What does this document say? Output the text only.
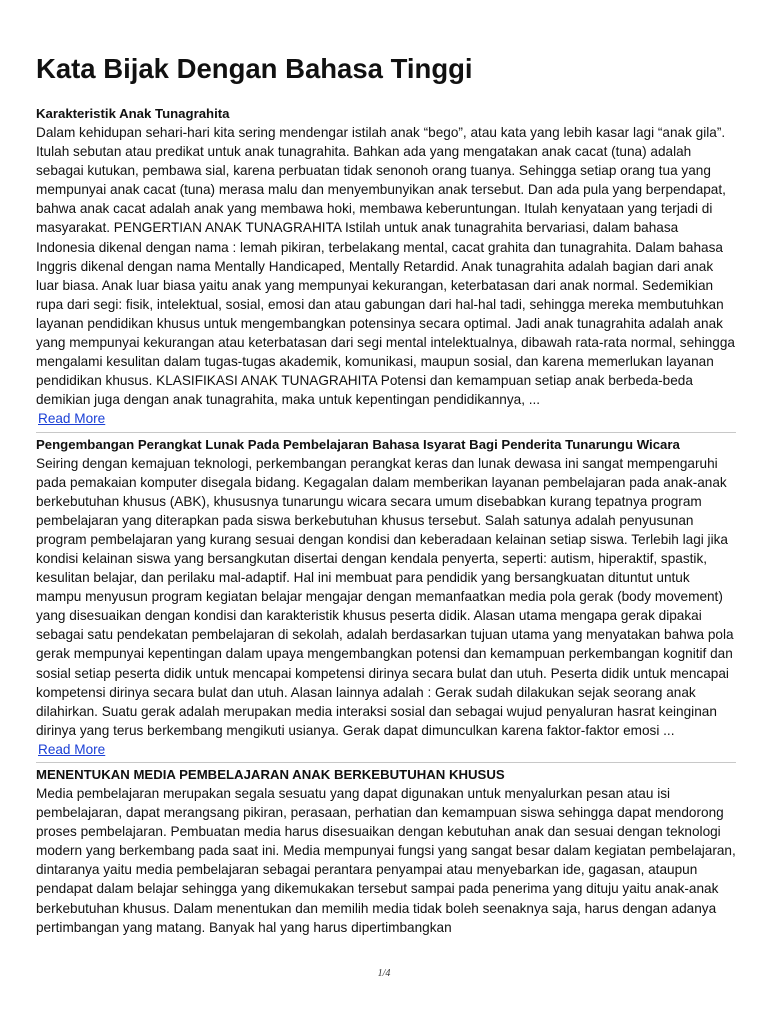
Kata Bijak Dengan Bahasa Tinggi
Karakteristik Anak Tunagrahita

Dalam kehidupan sehari-hari kita sering mendengar istilah anak “bego”, atau kata yang lebih kasar lagi “anak gila”. Itulah sebutan atau predikat untuk anak tunagrahita. Bahkan ada yang mengatakan anak cacat (tuna) adalah sebagai kutukan, pembawa sial, karena perbuatan tidak senonoh orang tuanya. Sehingga setiap orang tua yang mempunyai anak cacat (tuna) merasa malu dan menyembunyikan anak tersebut. Dan ada pula yang berpendapat, bahwa anak cacat adalah anak yang membawa hoki, membawa keberuntungan. Itulah kenyataan yang terjadi di masyarakat. PENGERTIAN ANAK TUNAGRAHITA Istilah untuk anak tunagrahita bervariasi, dalam bahasa Indonesia dikenal dengan nama : lemah pikiran, terbelakang mental, cacat grahita dan tunagrahita. Dalam bahasa Inggris dikenal dengan nama Mentally Handicaped, Mentally Retardid. Anak tunagrahita adalah bagian dari anak luar biasa. Anak luar biasa yaitu anak yang mempunyai kekurangan, keterbatasan dari anak normal. Sedemikian rupa dari segi: fisik, intelektual, sosial, emosi dan atau gabungan dari hal-hal tadi, sehingga mereka membutuhkan layanan pendidikan khusus untuk mengembangkan potensinya secara optimal. Jadi anak tunagrahita adalah anak yang mempunyai kekurangan atau keterbatasan dari segi mental intelektualnya, dibawah rata-rata normal, sehingga mengalami kesulitan dalam tugas-tugas akademik, komunikasi, maupun sosial, dan karena memerlukan layanan pendidikan khusus. KLASIFIKASI ANAK TUNAGRAHITA Potensi dan kemampuan setiap anak berbeda-beda demikian juga dengan anak tunagrahita, maka untuk kepentingan pendidikannya, ...

Read More
Pengembangan Perangkat Lunak Pada Pembelajaran Bahasa Isyarat Bagi Penderita Tunarungu Wicara

Seiring dengan kemajuan teknologi, perkembangan perangkat keras dan lunak dewasa ini sangat mempengaruhi pada pemakaian komputer disegala bidang. Kegagalan dalam memberikan layanan pembelajaran pada anak-anak berkebutuhan khusus (ABK), khususnya tunarungu wicara secara umum disebabkan kurang tepatnya program pembelajaran yang diterapkan pada siswa berkebutuhan khusus tersebut. Salah satunya adalah penyusunan program pembelajaran yang kurang sesuai dengan kondisi dan keberadaan kelainan setiap siswa. Terlebih lagi jika kondisi kelainan siswa yang bersangkutan disertai dengan kendala penyerta, seperti: autism, hiperaktif, spastik, kesulitan belajar, dan perilaku mal-adaptif. Hal ini membuat para pendidik yang bersangkuatan dituntut untuk mampu menyusun program kegiatan belajar mengajar dengan memanfaatkan media pola gerak (body movement) yang disesuaikan dengan kondisi dan karakteristik khusus peserta didik. Alasan utama mengapa gerak dipakai sebagai satu pendekatan pembelajaran di sekolah, adalah berdasarkan tujuan utama yang menyatakan bahwa pola gerak mempunyai kepentingan dalam upaya mengembangkan potensi dan kemampuan perkembangan kognitif dan sosial setiap peserta didik untuk mencapai kompetensi dirinya secara bulat dan utuh. Peserta didik untuk mencapai kompetensi dirinya secara bulat dan utuh. Alasan lainnya adalah : Gerak sudah dilakukan sejak seorang anak dilahirkan. Suatu gerak adalah merupakan media interaksi sosial dan sebagai wujud penyaluran hasrat keinginan dirinya yang terus berkembang mengikuti usianya. Gerak dapat dimunculkan karena faktor-faktor emosi ...

Read More
MENENTUKAN MEDIA PEMBELAJARAN ANAK BERKEBUTUHAN KHUSUS

Media pembelajaran merupakan segala sesuatu yang dapat digunakan untuk menyalurkan pesan atau isi pembelajaran, dapat merangsang pikiran, perasaan, perhatian dan kemampuan siswa sehingga dapat mendorong proses pembelajaran. Pembuatan media harus disesuaikan dengan kebutuhan anak dan sesuai dengan teknologi modern yang berkembang pada saat ini. Media mempunyai fungsi yang sangat besar dalam kegiatan pembelajaran, dintaranya yaitu media pembelajaran sebagai perantara penyampai atau menyebarkan ide, gagasan, ataupun pendapat dalam belajar sehingga yang dikemukakan tersebut sampai pada penerima yang dituju yaitu anak-anak berkebutuhan khusus. Dalam menentukan dan memilih media tidak boleh seenaknya saja, harus dengan adanya pertimbangan yang matang. Banyak hal yang harus dipertimbangkan

1/4
